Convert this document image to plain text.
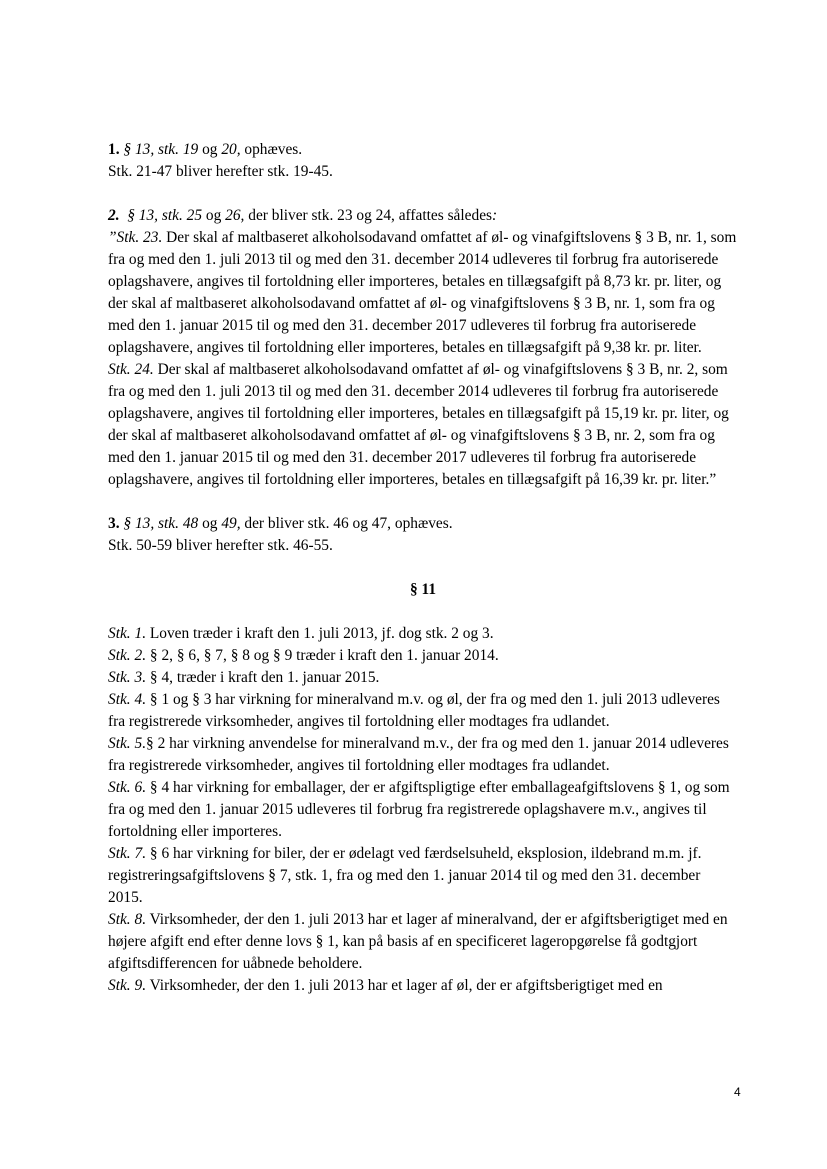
1. § 13, stk. 19 og 20, ophæves.

Stk. 21-47 bliver herefter stk. 19-45.

2. § 13, stk. 25 og 26, der bliver stk. 23 og 24, affattes således:

”Stk. 23. Der skal af maltbaseret alkoholsodavand omfattet af øl- og vinafgiftslovens § 3 B, nr. 1, som fra og med den 1. juli 2013 til og med den 31. december 2014 udleveres til forbrug fra autoriserede oplagshavere, angives til fortoldning eller importeres, betales en tillægsafgift på 8,73 kr. pr. liter, og der skal af maltbaseret alkoholsodavand omfattet af øl- og vinafgiftslovens § 3 B, nr. 1, som fra og med den 1. januar 2015 til og med den 31. december 2017 udleveres til forbrug fra autoriserede oplagshavere, angives til fortoldning eller importeres, betales en tillægsafgift på 9,38 kr. pr. liter.

Stk. 24. Der skal af maltbaseret alkoholsodavand omfattet af øl- og vinafgiftslovens § 3 B, nr. 2, som fra og med den 1. juli 2013 til og med den 31. december 2014 udleveres til forbrug fra autoriserede oplagshavere, angives til fortoldning eller importeres, betales en tillægsafgift på 15,19 kr. pr. liter, og der skal af maltbaseret alkoholsodavand omfattet af øl- og vinafgiftslovens § 3 B, nr. 2, som fra og med den 1. januar 2015 til og med den 31. december 2017 udleveres til forbrug fra autoriserede oplagshavere, angives til fortoldning eller importeres, betales en tillægsafgift på 16,39 kr. pr. liter.”

3. § 13, stk. 48 og 49, der bliver stk. 46 og 47, ophæves.

Stk. 50-59 bliver herefter stk. 46-55.

§ 11

Stk. 1. Loven træder i kraft den 1. juli 2013, jf. dog stk. 2 og 3.

Stk. 2. § 2, § 6, § 7, § 8 og § 9 træder i kraft den 1. januar 2014.

Stk. 3. § 4, træder i kraft den 1. januar 2015.

Stk. 4. § 1 og § 3 har virkning for mineralvand m.v. og øl, der fra og med den 1. juli 2013 udleveres fra registrerede virksomheder, angives til fortoldning eller modtages fra udlandet.

Stk. 5.§ 2 har virkning anvendelse for mineralvand m.v., der fra og med den 1. januar 2014 udleveres fra registrerede virksomheder, angives til fortoldning eller modtages fra udlandet.

Stk. 6. § 4 har virkning for emballager, der er afgiftspligtige efter emballageafgiftslovens § 1, og som fra og med den 1. januar 2015 udleveres til forbrug fra registrerede oplagshavere m.v., angives til fortoldning eller importeres.

Stk. 7. § 6 har virkning for biler, der er ødelagt ved færdselsuheld, eksplosion, ildebrand m.m. jf. registreringsafgiftslovens § 7, stk. 1, fra og med den 1. januar 2014 til og med den 31. december 2015.

Stk. 8. Virksomheder, der den 1. juli 2013 har et lager af mineralvand, der er afgiftsberigtiget med en højere afgift end efter denne lovs § 1, kan på basis af en specificeret lageropgørelse få godtgjort afgiftsdifferencen for uåbnede beholdere.

Stk. 9. Virksomheder, der den 1. juli 2013 har et lager af øl, der er afgiftsberigtiget med en

4
